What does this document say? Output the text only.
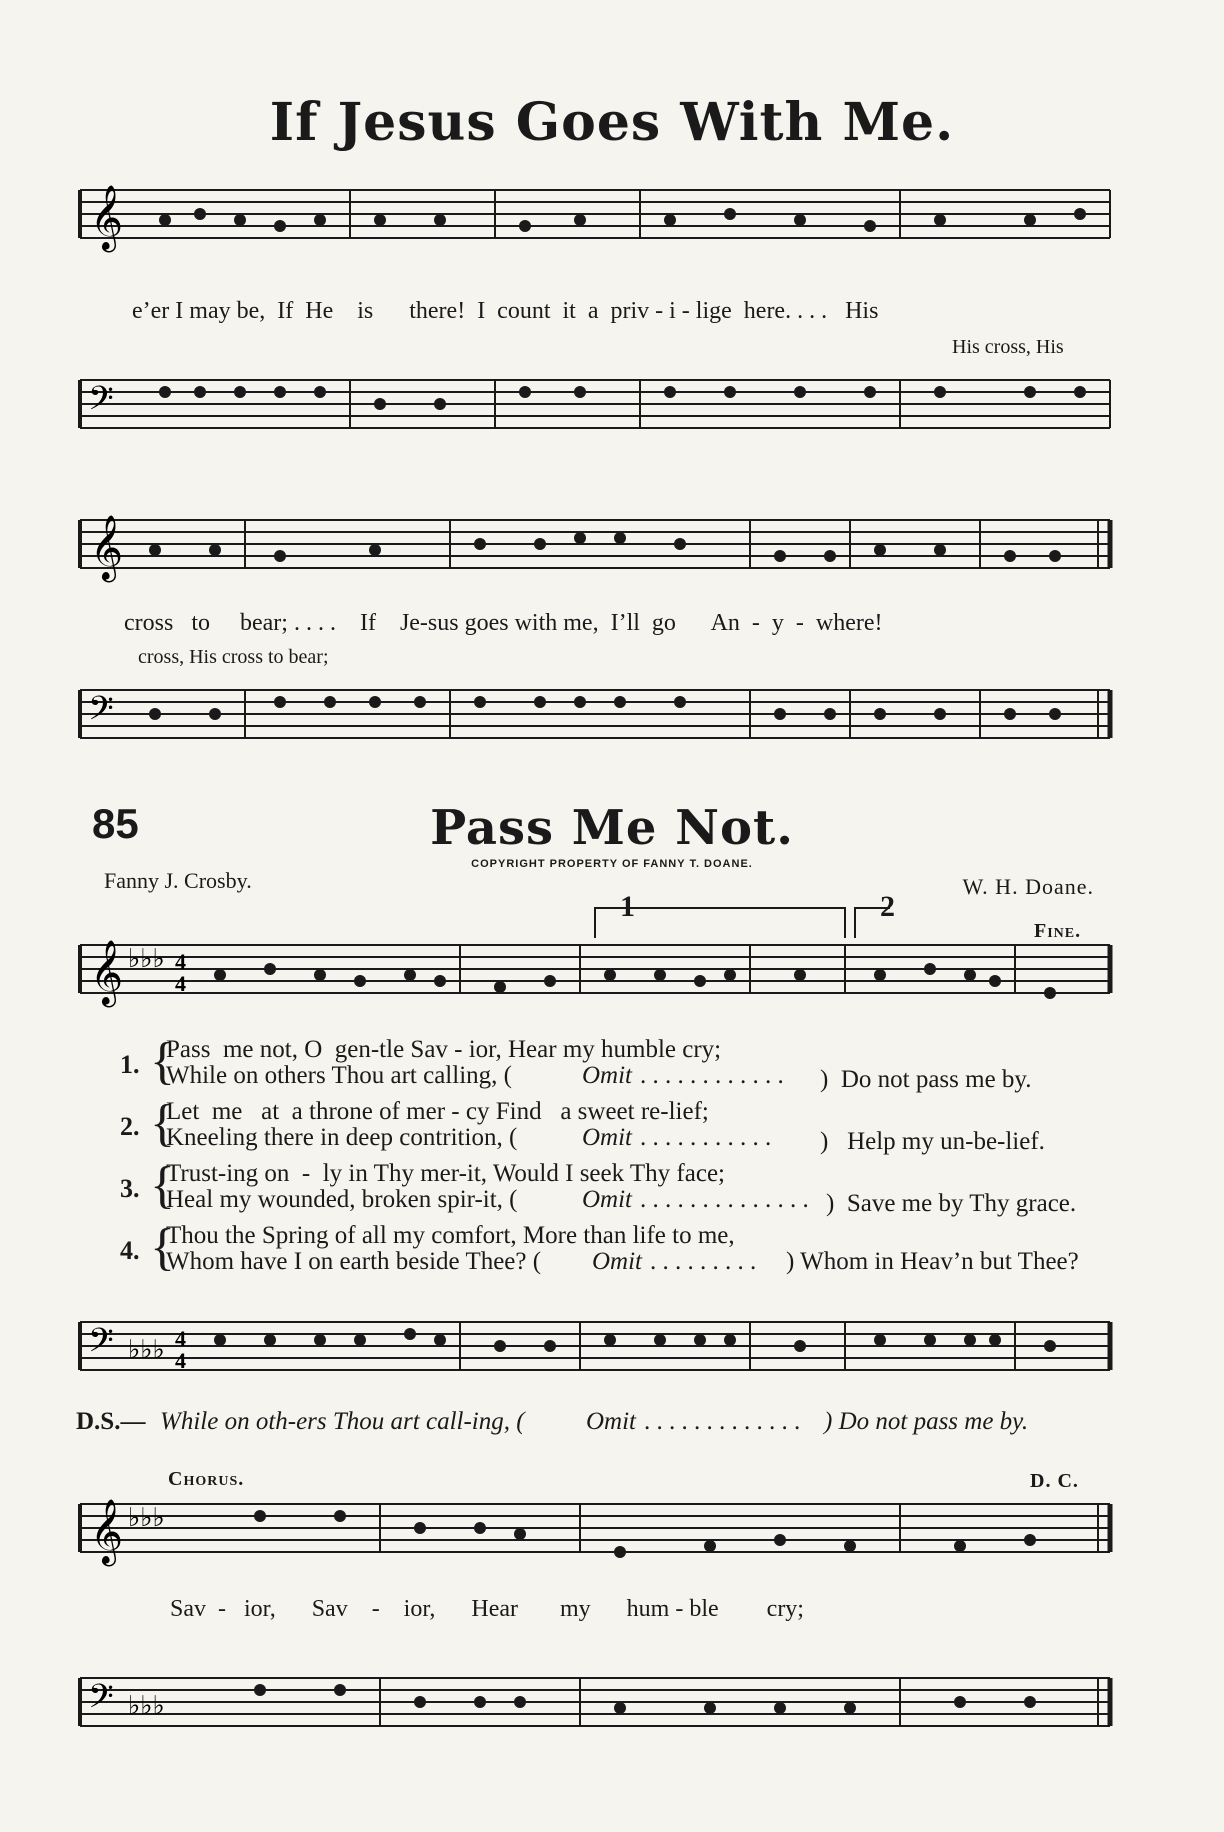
If Jesus Goes With Me.
𝄞
e’er I may be,  If  He    is      there!  I  count  it  a  priv - i - lige  here. . . .   His
His cross, His
𝄢
𝄞
cross   to     bear; . . . .    If    Je-sus goes with me,  I’ll  go      An  -  y  -  where!
cross, His cross to bear;
𝄢
85	Pass Me Not.
COPYRIGHT PROPERTY OF FANNY T. DOANE.
Fanny J. Crosby.	W. H. Doane.
1	2
Fine.
𝄞 ♭♭♭ 4
4
1. {
Pass  me not, O  gen-tle Sav - ior, Hear my humble cry;
While on others Thou art calling, (	Omit . . . . . . . . . . . . )  Do not pass me by.
2. {
Let  me   at  a throne of mer - cy Find   a sweet re-lief;
Kneeling there in deep contrition, (	Omit . . . . . . . . . . . )   Help my un-be-lief.
3. {
Trust-ing on  -  ly in Thy mer-it, Would I seek Thy face;
Heal my wounded, broken spir-it, (	Omit . . . . . . . . . . . . . . )  Save me by Thy grace.
4. {
Thou the Spring of all my comfort, More than life to me,
Whom have I on earth beside Thee? ( Omit . . . . . . . . . ) Whom in Heav’n but Thee?
𝄢 ♭♭♭ 4
4
D.S.— While on oth-ers Thou art call-ing, ( Omit . . . . . . . . . . . . . ) Do not pass me by.
Chorus.	D. C.
𝄞 ♭♭♭
Sav  -   ior,      Sav    -    ior,      Hear       my      hum - ble        cry;
𝄢 ♭♭♭
